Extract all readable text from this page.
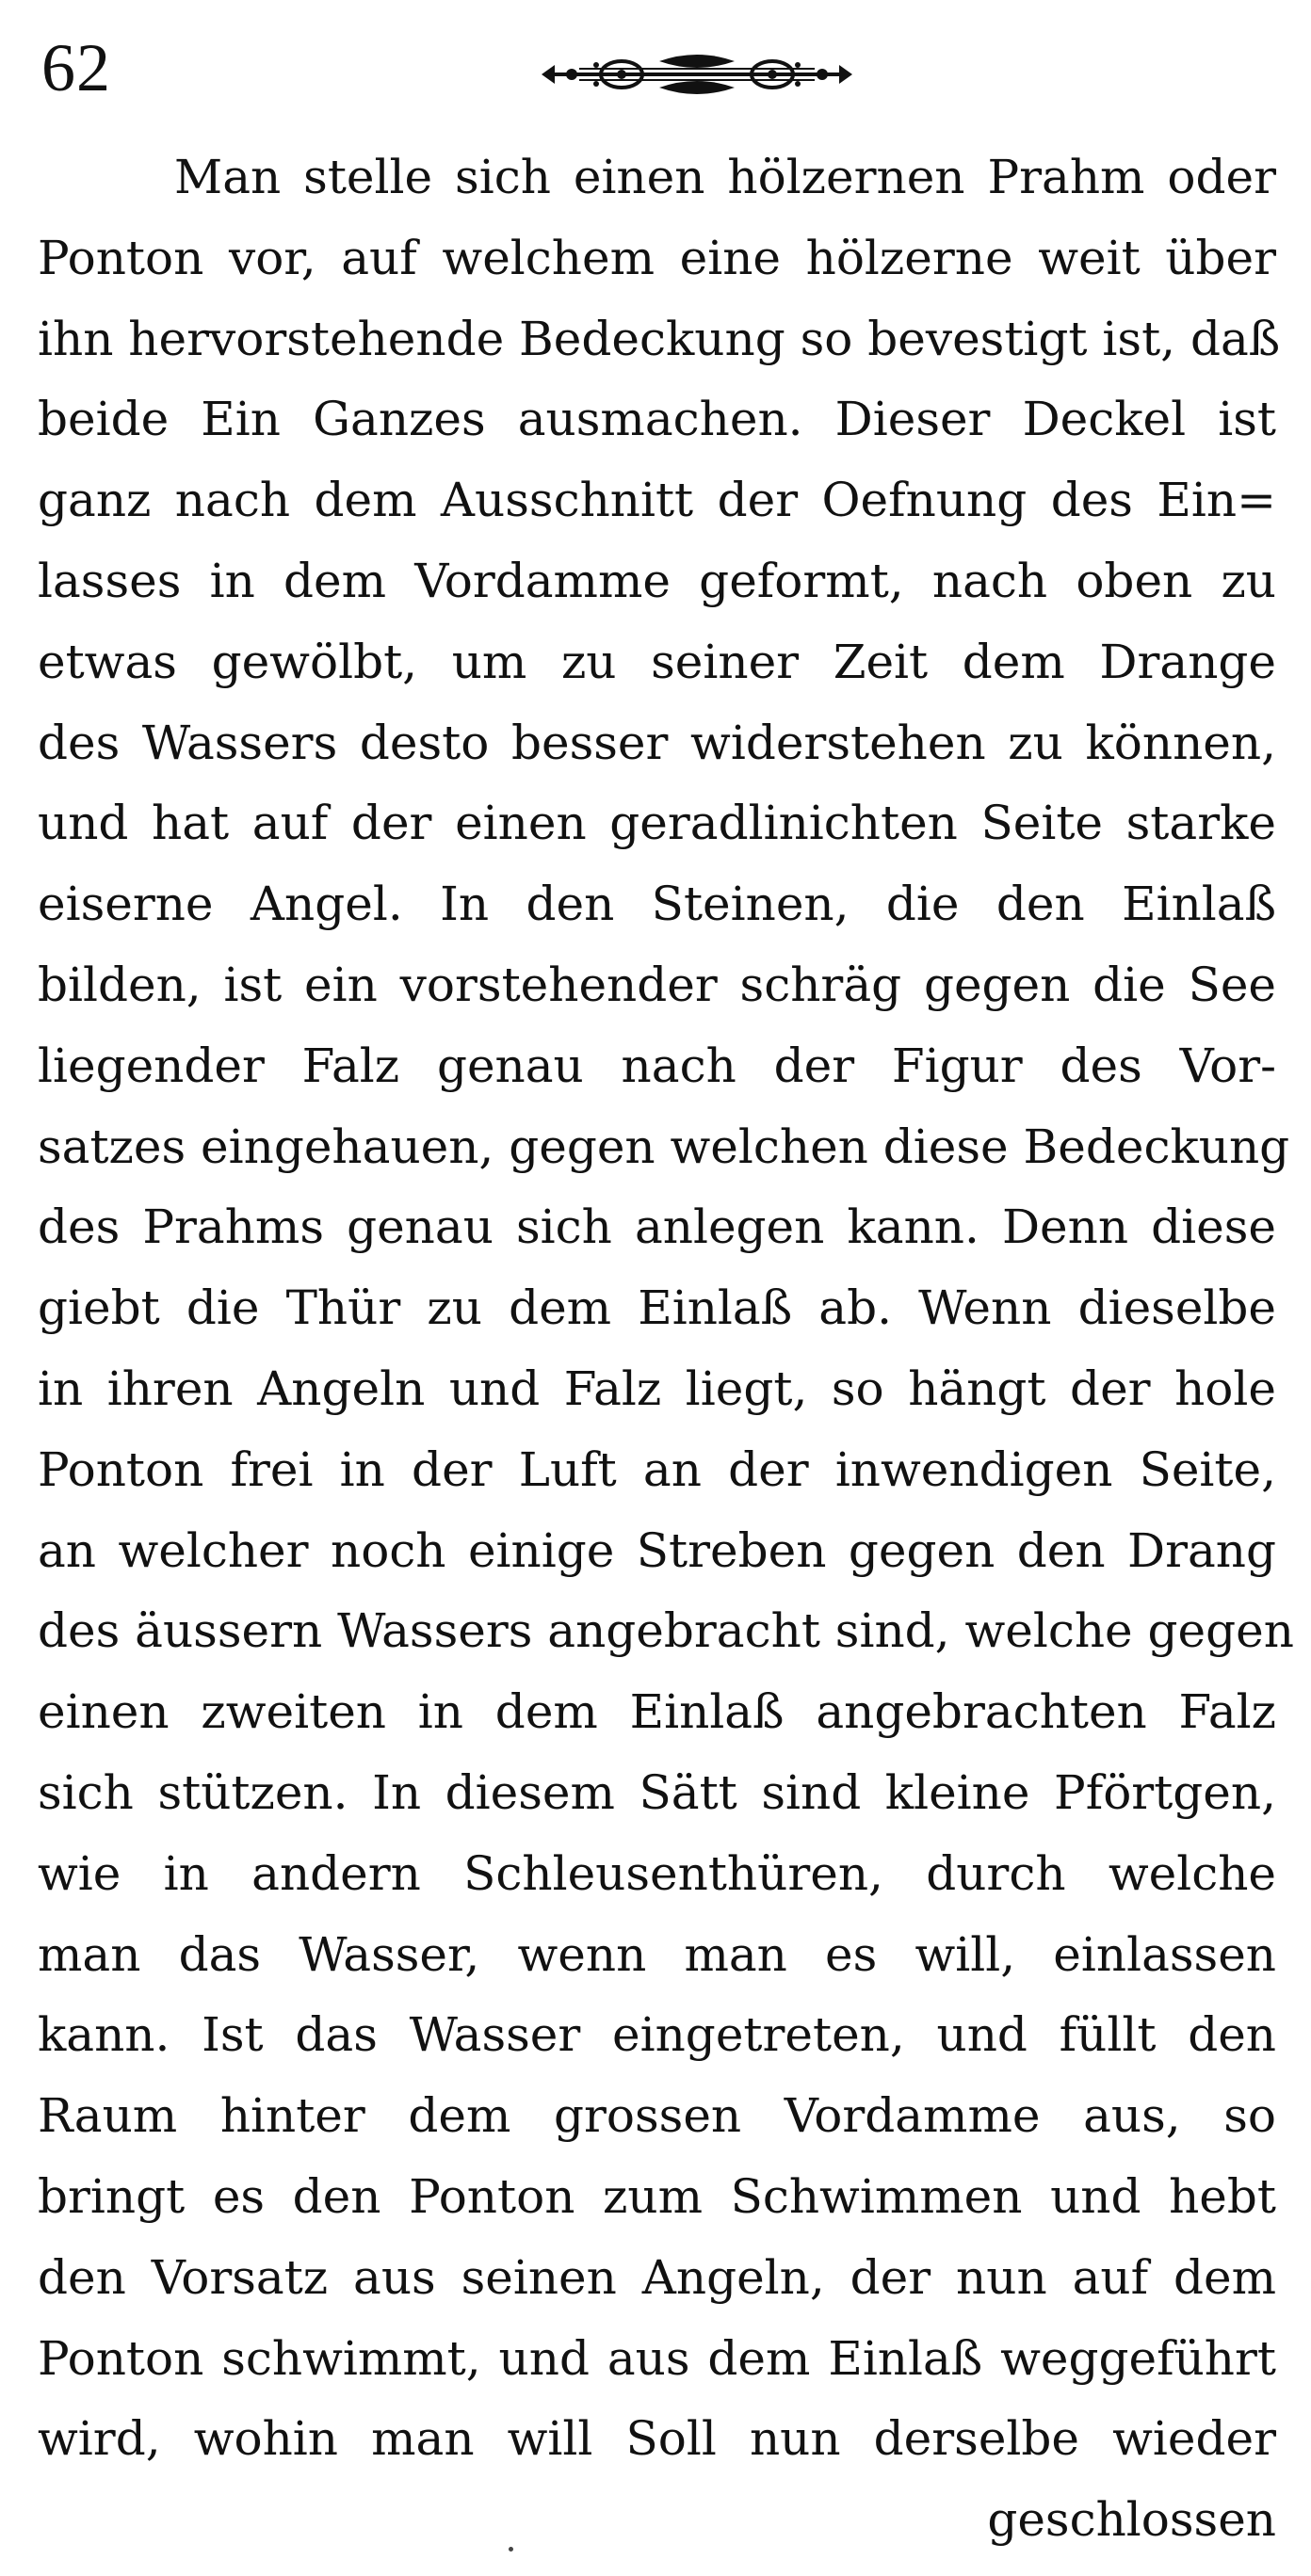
62
Man stelle sich einen hölzernen Prahm oder
Ponton vor, auf welchem eine hölzerne weit über
ihn hervorstehende Bedeckung so bevestigt ist, daß
beide Ein Ganzes ausmachen. Dieser Deckel ist
ganz nach dem Ausschnitt der Oefnung des Ein=
lasses in dem Vordamme geformt, nach oben zu
etwas gewölbt, um zu seiner Zeit dem Drange
des Wassers desto besser widerstehen zu können,
und hat auf der einen geradlinichten Seite starke
eiserne Angel. In den Steinen, die den Einlaß
bilden, ist ein vorstehender schräg gegen die See
liegender Falz genau nach der Figur des Vor-
satzes eingehauen, gegen welchen diese Bedeckung
des Prahms genau sich anlegen kann. Denn diese
giebt die Thür zu dem Einlaß ab. Wenn dieselbe
in ihren Angeln und Falz liegt, so hängt der hole
Ponton frei in der Luft an der inwendigen Seite,
an welcher noch einige Streben gegen den Drang
des äussern Wassers angebracht sind, welche gegen
einen zweiten in dem Einlaß angebrachten Falz
sich stützen. In diesem Sätt sind kleine Pförtgen,
wie in andern Schleusenthüren, durch welche
man das Wasser, wenn man es will, einlassen
kann. Ist das Wasser eingetreten, und füllt den
Raum hinter dem grossen Vordamme aus, so
bringt es den Ponton zum Schwimmen und hebt
den Vorsatz aus seinen Angeln, der nun auf dem
Ponton schwimmt, und aus dem Einlaß weggeführt
wird, wohin man will Soll nun derselbe wieder
geschlossen
